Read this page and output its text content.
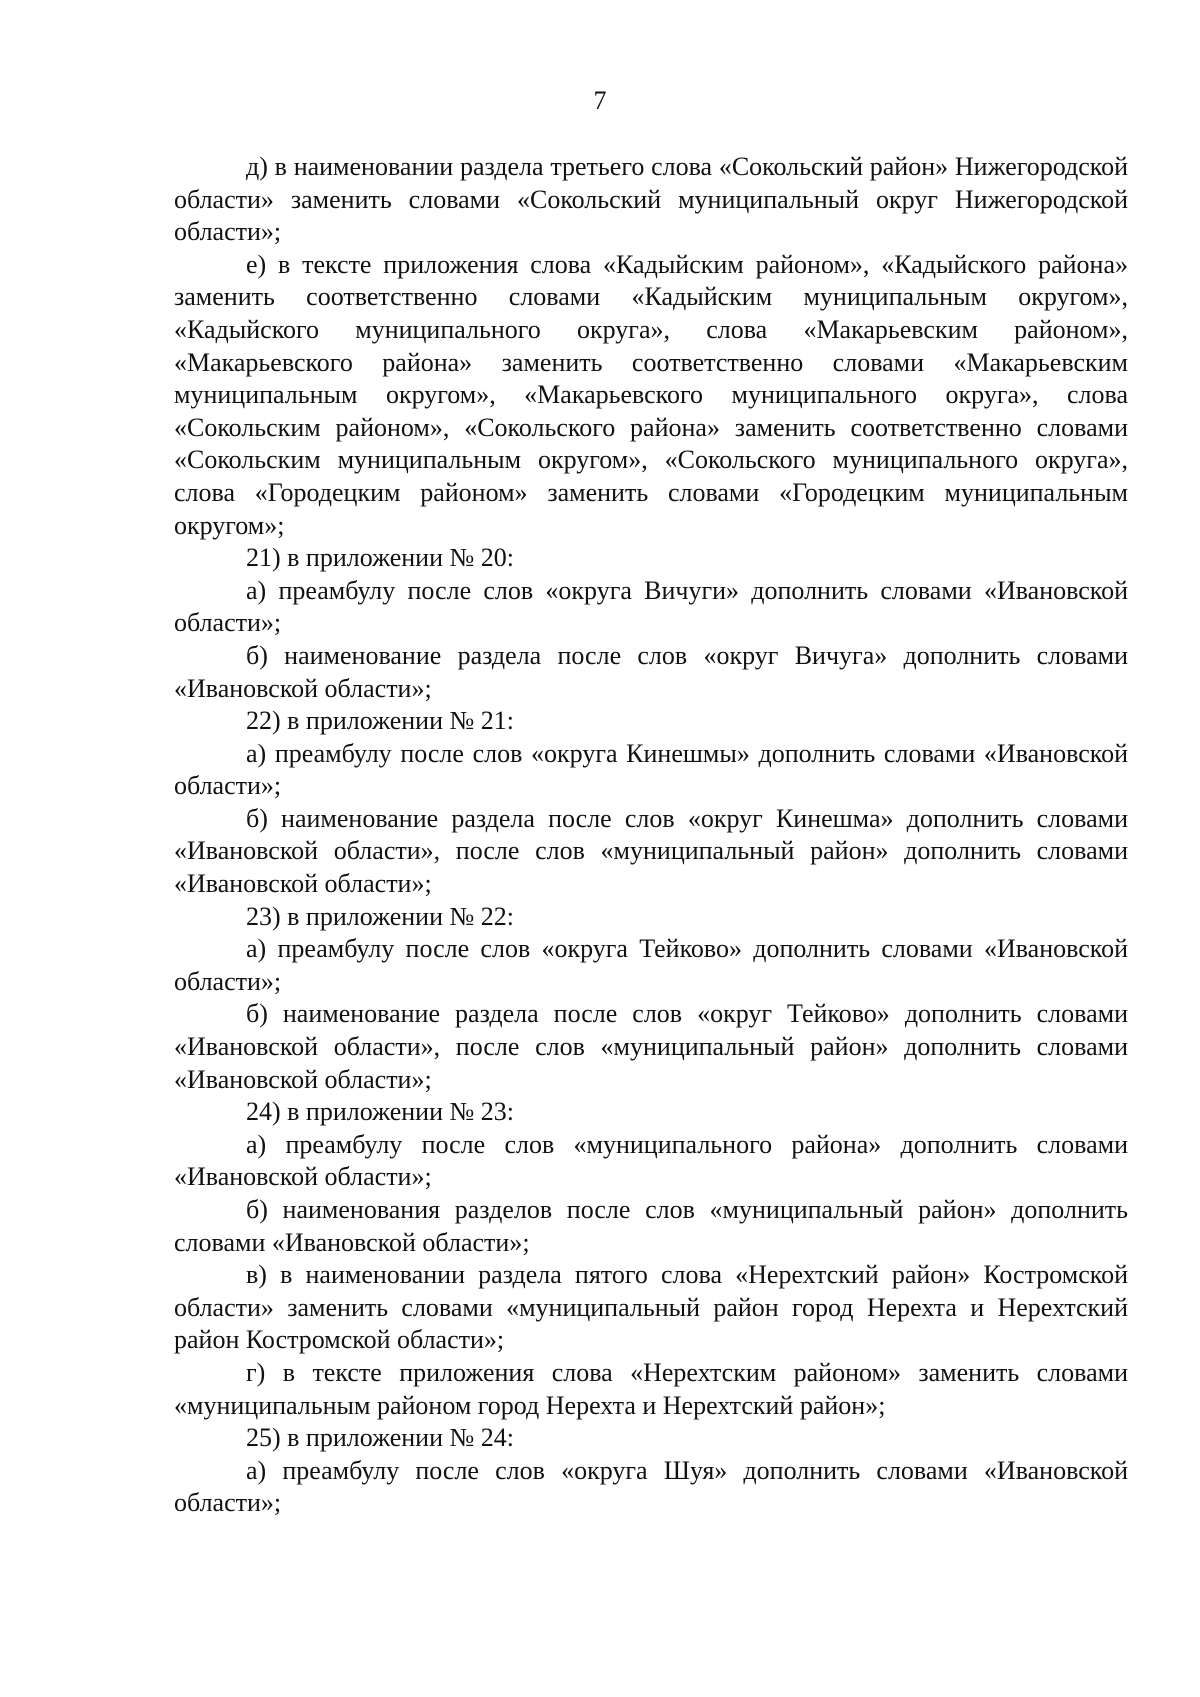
7

д) в наименовании раздела третьего слова «Сокольский район» Нижегородской области» заменить словами «Сокольский муниципальный округ Нижегородской области»;

е) в тексте приложения слова «Кадыйским районом», «Кадыйского района» заменить соответственно словами «Кадыйским муниципальным округом», «Кадыйского муниципального округа», слова «Макарьевским районом», «Макарьевского района» заменить соответственно словами «Макарьевским муниципальным округом», «Макарьевского муниципального округа», слова «Сокольским районом», «Сокольского района» заменить соответственно словами «Сокольским муниципальным округом», «Сокольского муниципального округа», слова «Городецким районом» заменить словами «Городецким муниципальным округом»;

21) в приложении № 20:

а) преамбулу после слов «округа Вичуги» дополнить словами «Ивановской области»;

б) наименование раздела после слов «округ Вичуга» дополнить словами «Ивановской области»;

22) в приложении № 21:

а) преамбулу после слов «округа Кинешмы» дополнить словами «Ивановской области»;

б) наименование раздела после слов «округ Кинешма» дополнить словами «Ивановской области», после слов «муниципальный район» дополнить словами «Ивановской области»;

23) в приложении № 22:

а) преамбулу после слов «округа Тейково» дополнить словами «Ивановской области»;

б) наименование раздела после слов «округ Тейково» дополнить словами «Ивановской области», после слов «муниципальный район» дополнить словами «Ивановской области»;

24) в приложении № 23:

а) преамбулу после слов «муниципального района» дополнить словами «Ивановской области»;

б) наименования разделов после слов «муниципальный район» дополнить словами «Ивановской области»;

в) в наименовании раздела пятого слова «Нерехтский район» Костромской области» заменить словами «муниципальный район город Нерехта и Нерехтский район Костромской области»;

г) в тексте приложения слова «Нерехтским районом» заменить словами «муниципальным районом город Нерехта и Нерехтский район»;

25) в приложении № 24:

а) преамбулу после слов «округа Шуя» дополнить словами «Ивановской области»;
